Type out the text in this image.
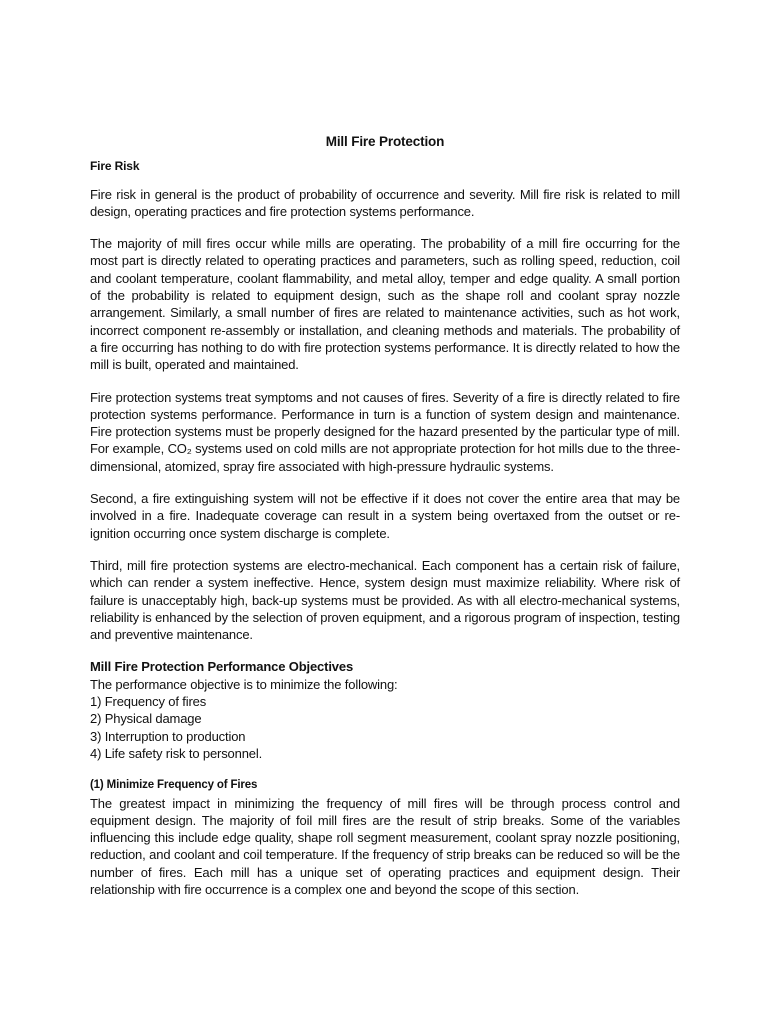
Mill Fire Protection
Fire Risk

Fire risk in general is the product of probability of occurrence and severity. Mill fire risk is related to mill design, operating practices and fire protection systems performance.

The majority of mill fires occur while mills are operating. The probability of a mill fire occurring for the most part is directly related to operating practices and parameters, such as rolling speed, reduction, coil and coolant temperature, coolant flammability, and metal alloy, temper and edge quality. A small portion of the probability is related to equipment design, such as the shape roll and coolant spray nozzle arrangement. Similarly, a small number of fires are related to maintenance activities, such as hot work, incorrect component re-assembly or installation, and cleaning methods and materials. The probability of a fire occurring has nothing to do with fire protection systems performance. It is directly related to how the mill is built, operated and maintained.

Fire protection systems treat symptoms and not causes of fires. Severity of a fire is directly related to fire protection systems performance. Performance in turn is a function of system design and maintenance. Fire protection systems must be properly designed for the hazard presented by the particular type of mill. For example, CO₂ systems used on cold mills are not appropriate protection for hot mills due to the three-dimensional, atomized, spray fire associated with high-pressure hydraulic systems.

Second, a fire extinguishing system will not be effective if it does not cover the entire area that may be involved in a fire. Inadequate coverage can result in a system being overtaxed from the outset or re-ignition occurring once system discharge is complete.

Third, mill fire protection systems are electro-mechanical. Each component has a certain risk of failure, which can render a system ineffective. Hence, system design must maximize reliability. Where risk of failure is unacceptably high, back-up systems must be provided. As with all electro-mechanical systems, reliability is enhanced by the selection of proven equipment, and a rigorous program of inspection, testing and preventive maintenance.

Mill Fire Protection Performance Objectives
The performance objective is to minimize the following:
1) Frequency of fires
2) Physical damage
3) Interruption to production
4) Life safety risk to personnel.
(1) Minimize Frequency of Fires

The greatest impact in minimizing the frequency of mill fires will be through process control and equipment design. The majority of foil mill fires are the result of strip breaks. Some of the variables influencing this include edge quality, shape roll segment measurement, coolant spray nozzle positioning, reduction, and coolant and coil temperature. If the frequency of strip breaks can be reduced so will be the number of fires. Each mill has a unique set of operating practices and equipment design. Their relationship with fire occurrence is a complex one and beyond the scope of this section.
